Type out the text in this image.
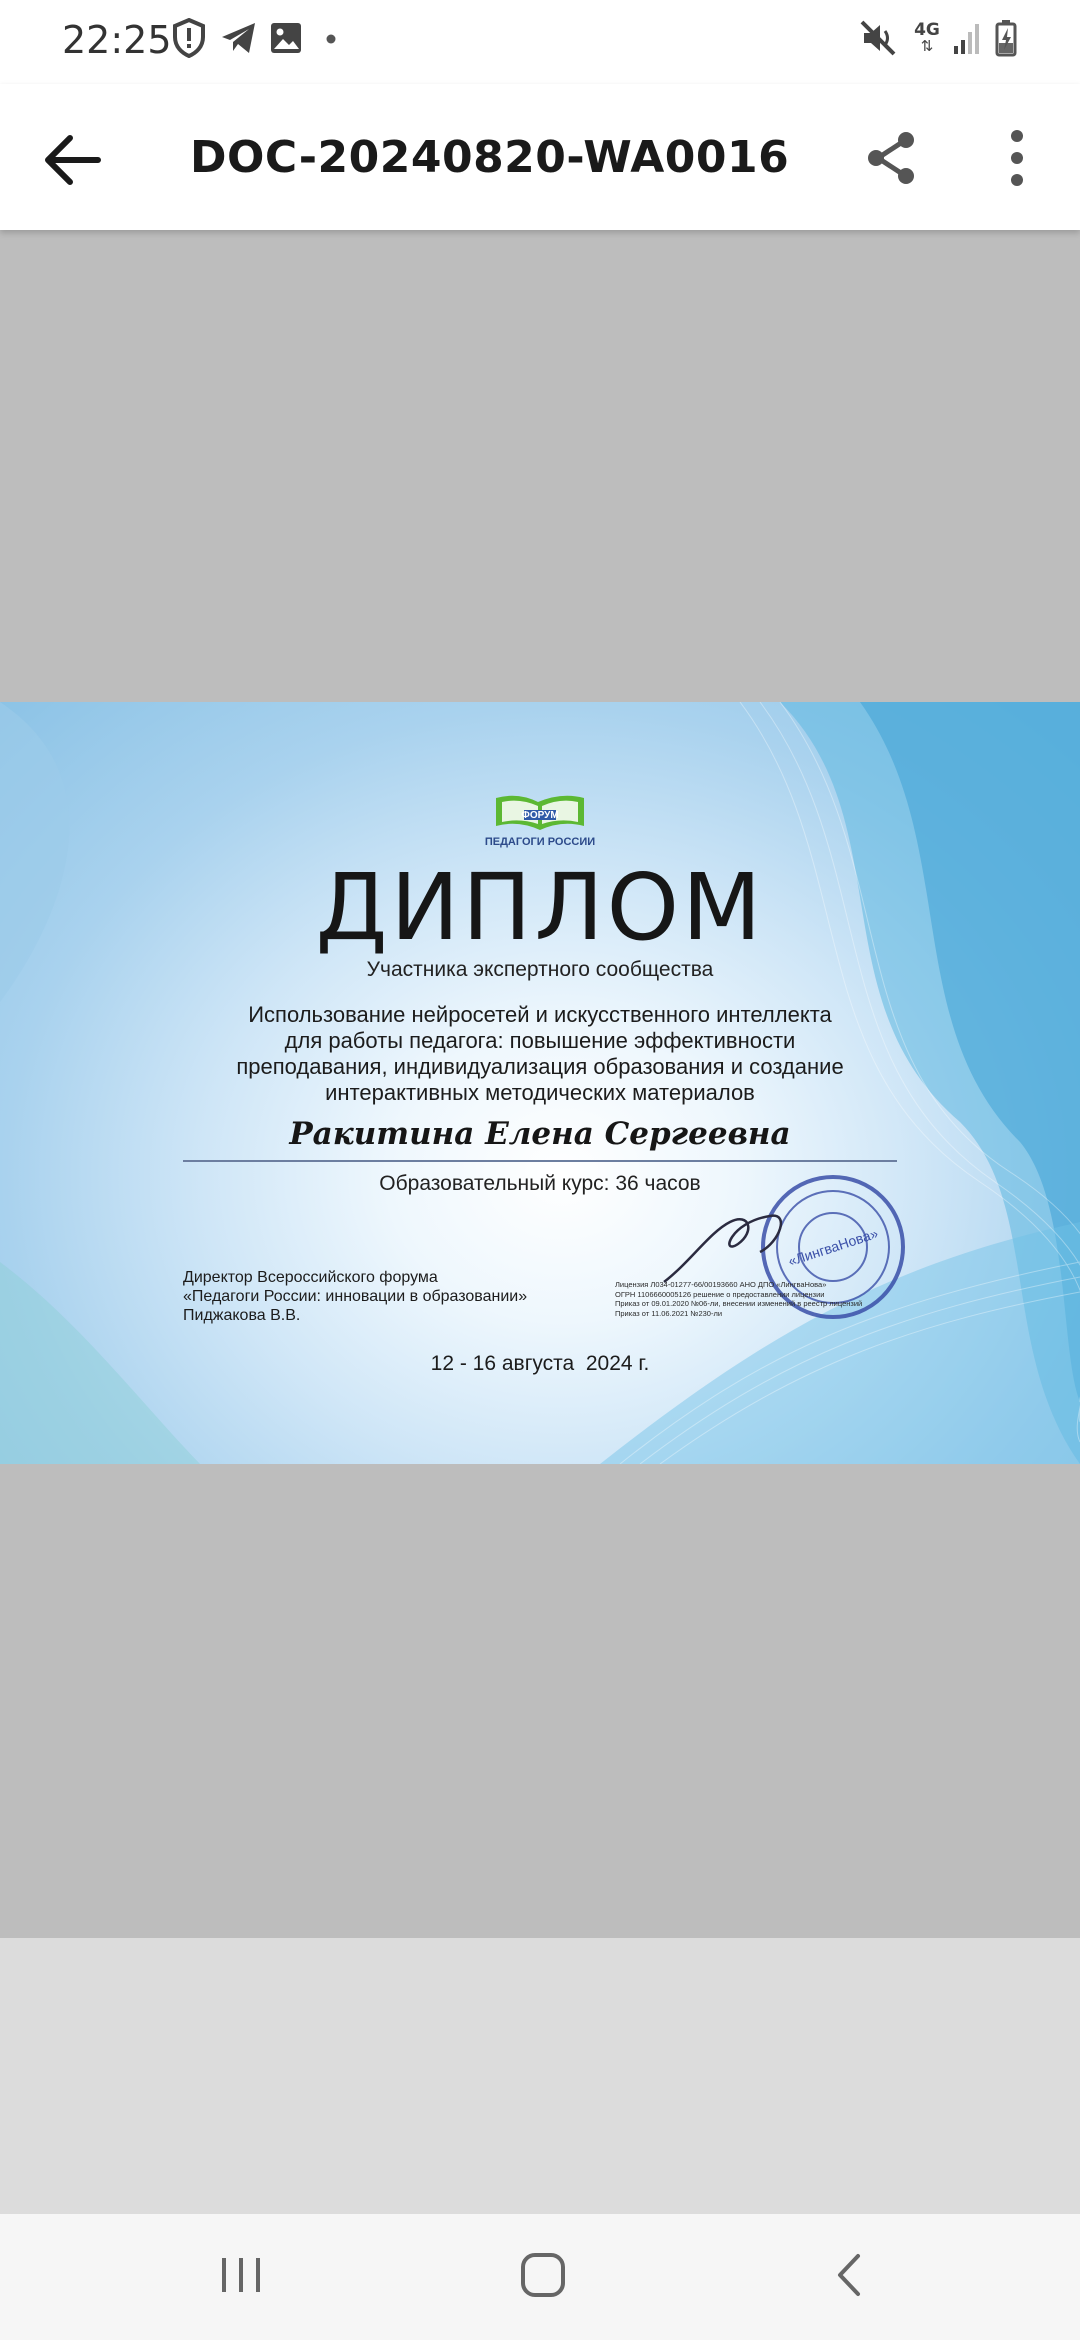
22:25	4G
⇅
DOC-20240820-WA0016
ФОРУМ
ПЕДАГОГИ РОССИИ
ДИПЛОМ
Участника экспертного сообщества
Использование нейросетей и искусственного интеллекта
для работы педагога: повышение эффективности
преподавания, индивидуализация образования и создание
интерактивных методических материалов
Ракитина Елена Сергеевна
Образовательный курс: 36 часов
Директор Всероссийского форума
«Педагоги России: инновации в образовании»
Пиджакова В.В.
«ЛингваНова»
Лицензия Л034-01277-66/00193660 АНО ДПО «ЛингваНова»
ОГРН 1106660005126 решение о предоставлении лицензии
Приказ от 09.01.2020 №06-ли, внесении изменений в реестр лицензий
Приказ от 11.06.2021 №230-ли
12 - 16 августа  2024 г.
